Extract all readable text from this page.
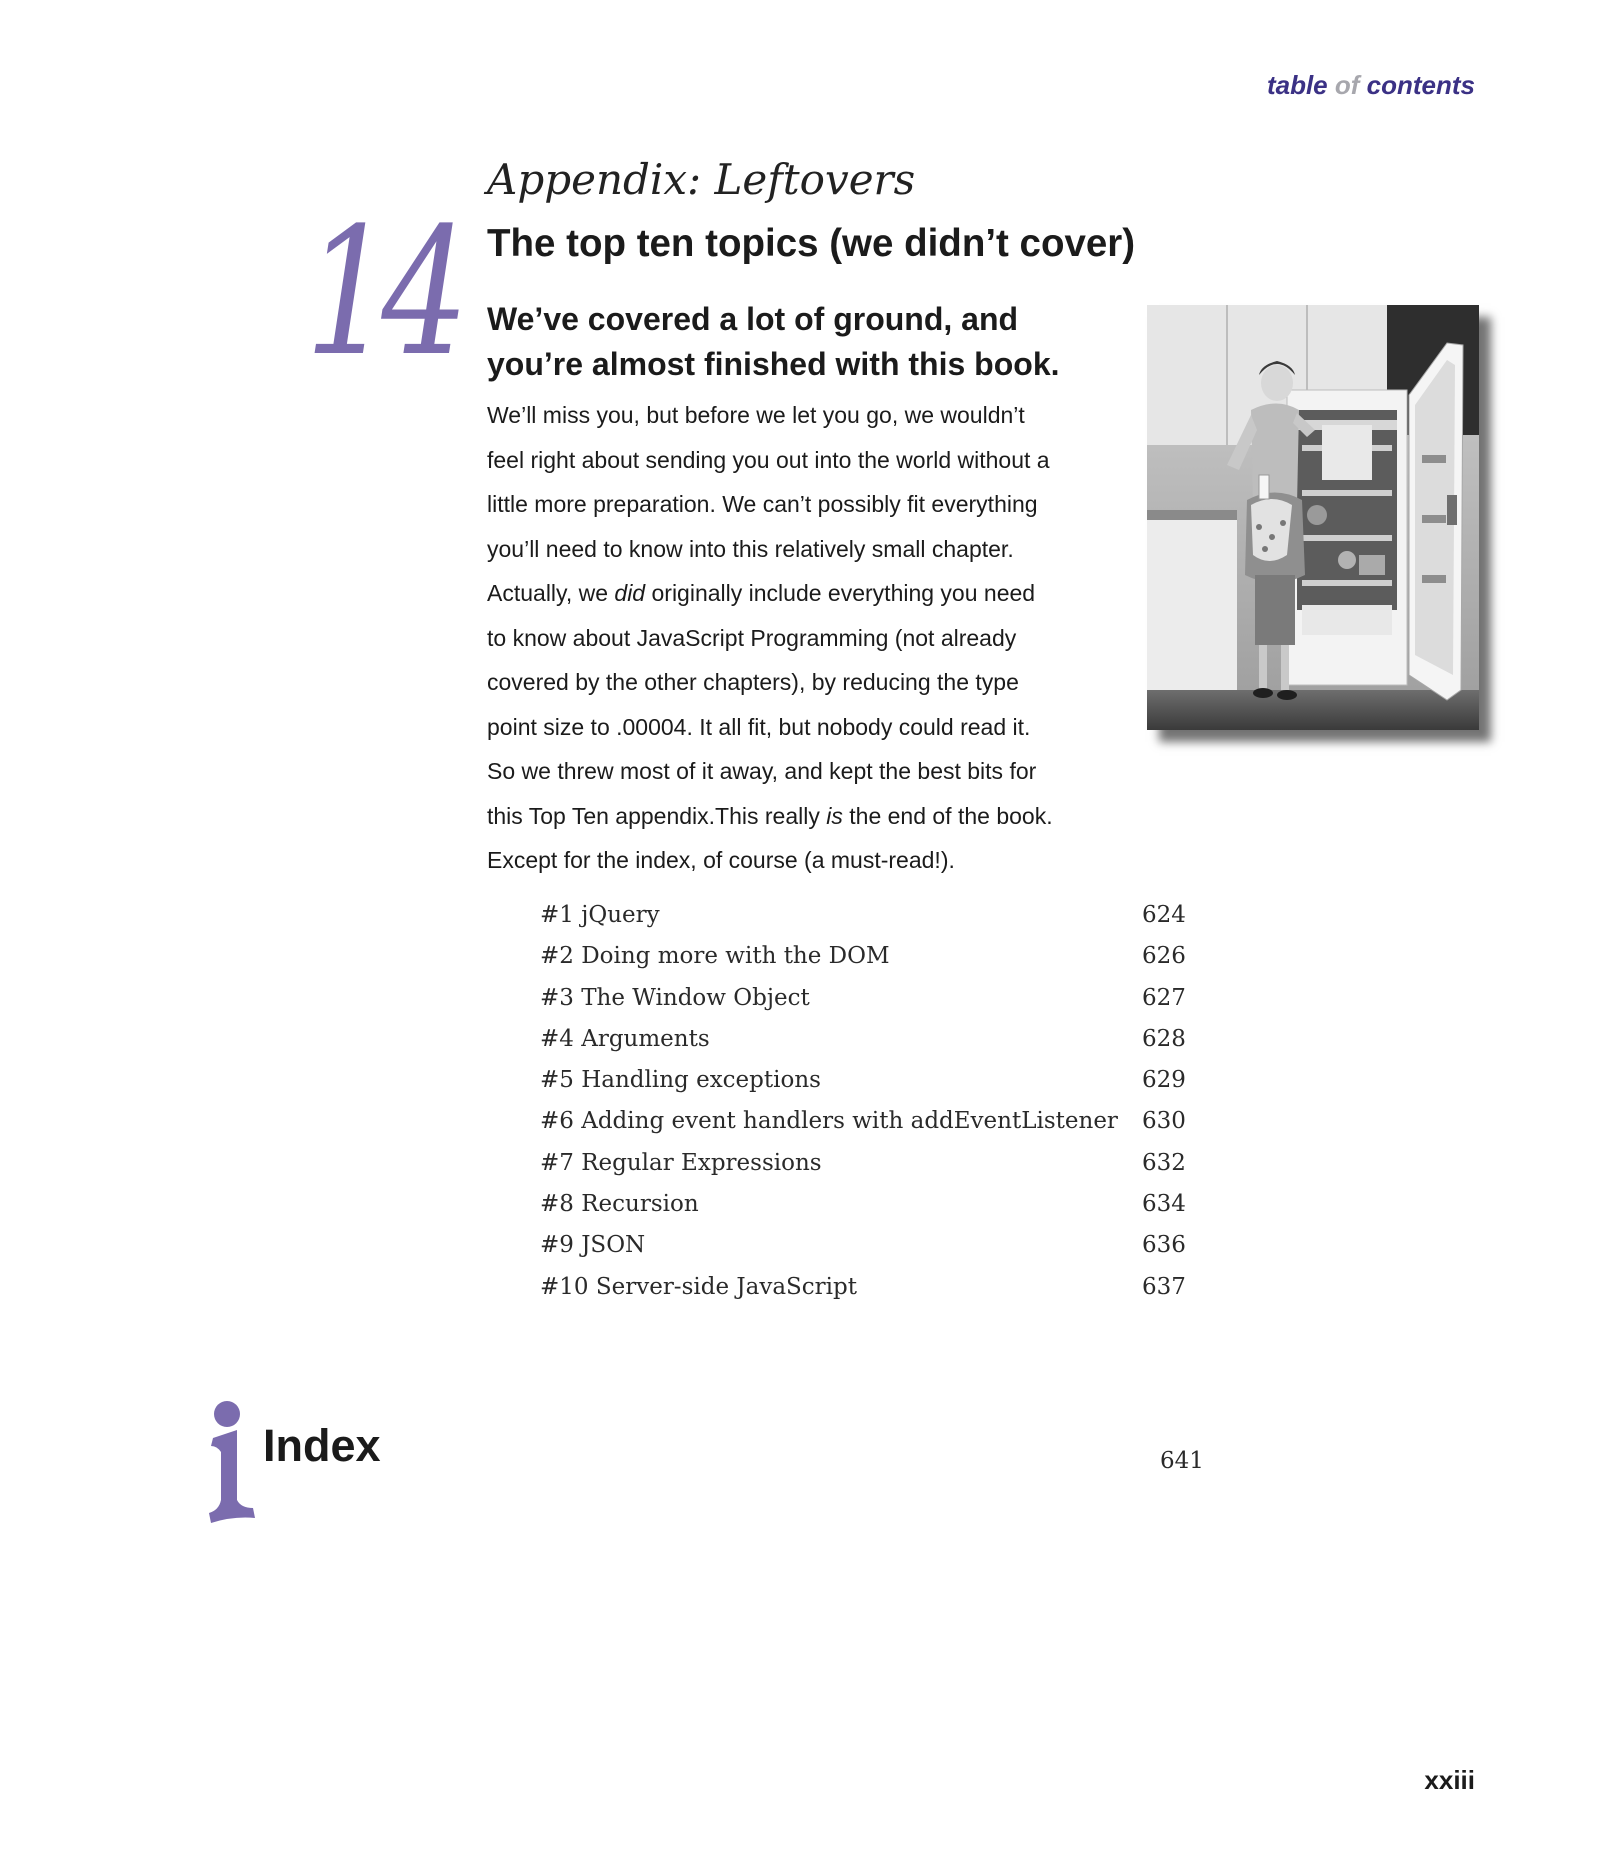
table of contents
14
Appendix: Leftovers
The top ten topics (we didn’t cover)
We’ve covered a lot of ground, and
you’re almost finished with this book.
We’ll miss you, but before we let you go, we wouldn’t
feel right about sending you out into the world without a
little more preparation. We can’t possibly fit everything
you’ll need to know into this relatively small chapter.
Actually, we did originally include everything you need
to know about JavaScript Programming (not already
covered by the other chapters), by reducing the type
point size to .00004. It all fit, but nobody could read it.
So we threw most of it away, and kept the best bits for
this Top Ten appendix.This really is the end of the book.
Except for the index, of course (a must-read!).
#1 jQuery	624
#2 Doing more with the DOM	626
#3 The Window Object	627
#4 Arguments	628
#5 Handling exceptions	629
#6 Adding event handlers with addEventListener 630
#7 Regular Expressions	632
#8 Recursion	634
#9 JSON	636
#10 Server-side JavaScript	637
Index	641
xxiii
